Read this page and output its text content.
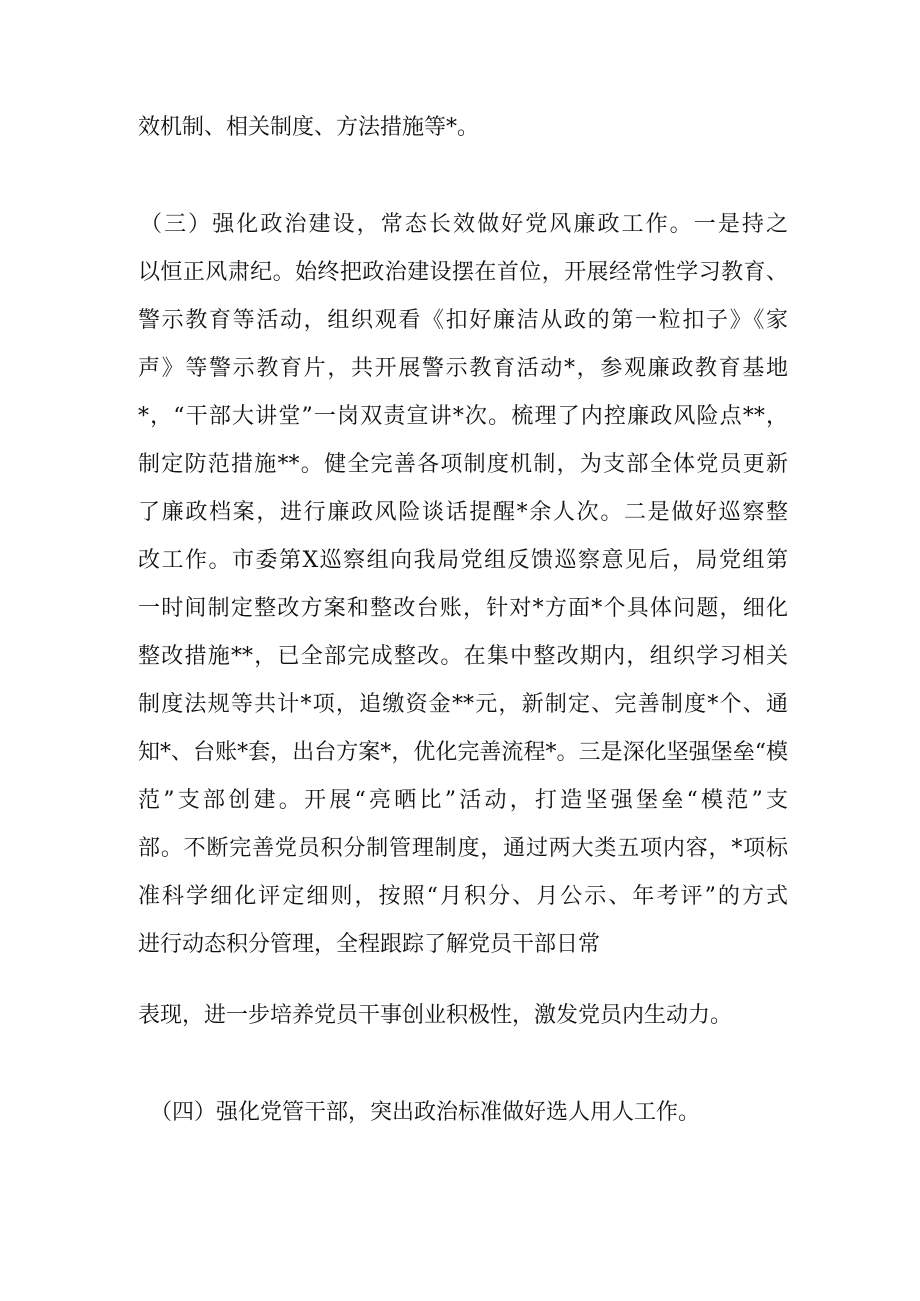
效机制、相关制度、方法措施等*。
（三）强化政治建设，常态长效做好党风廉政工作。一是持之
以恒正风肃纪。始终把政治建设摆在首位，开展经常性学习教育、
警示教育等活动，组织观看《扣好廉洁从政的第一粒扣子》《家
声》等警示教育片，共开展警示教育活动*，参观廉政教育基地
*，“干部大讲堂”一岗双责宣讲*次。梳理了内控廉政风险点**，
制定防范措施**。健全完善各项制度机制，为支部全体党员更新
了廉政档案，进行廉政风险谈话提醒*余人次。二是做好巡察整
改工作。市委第X巡察组向我局党组反馈巡察意见后，局党组第
一时间制定整改方案和整改台账，针对*方面*个具体问题，细化
整改措施**，已全部完成整改。在集中整改期内，组织学习相关
制度法规等共计*项，追缴资金**元，新制定、完善制度*个、通
知*、台账*套，出台方案*，优化完善流程*。三是深化坚强堡垒“模
范”支部创建。开展“亮晒比”活动，打造坚强堡垒“模范”支
部。不断完善党员积分制管理制度，通过两大类五项内容，*项标
准科学细化评定细则，按照“月积分、月公示、年考评”的方式
进行动态积分管理，全程跟踪了解党员干部日常
表现，进一步培养党员干事创业积极性，激发党员内生动力。
（四）强化党管干部，突出政治标准做好选人用人工作。
